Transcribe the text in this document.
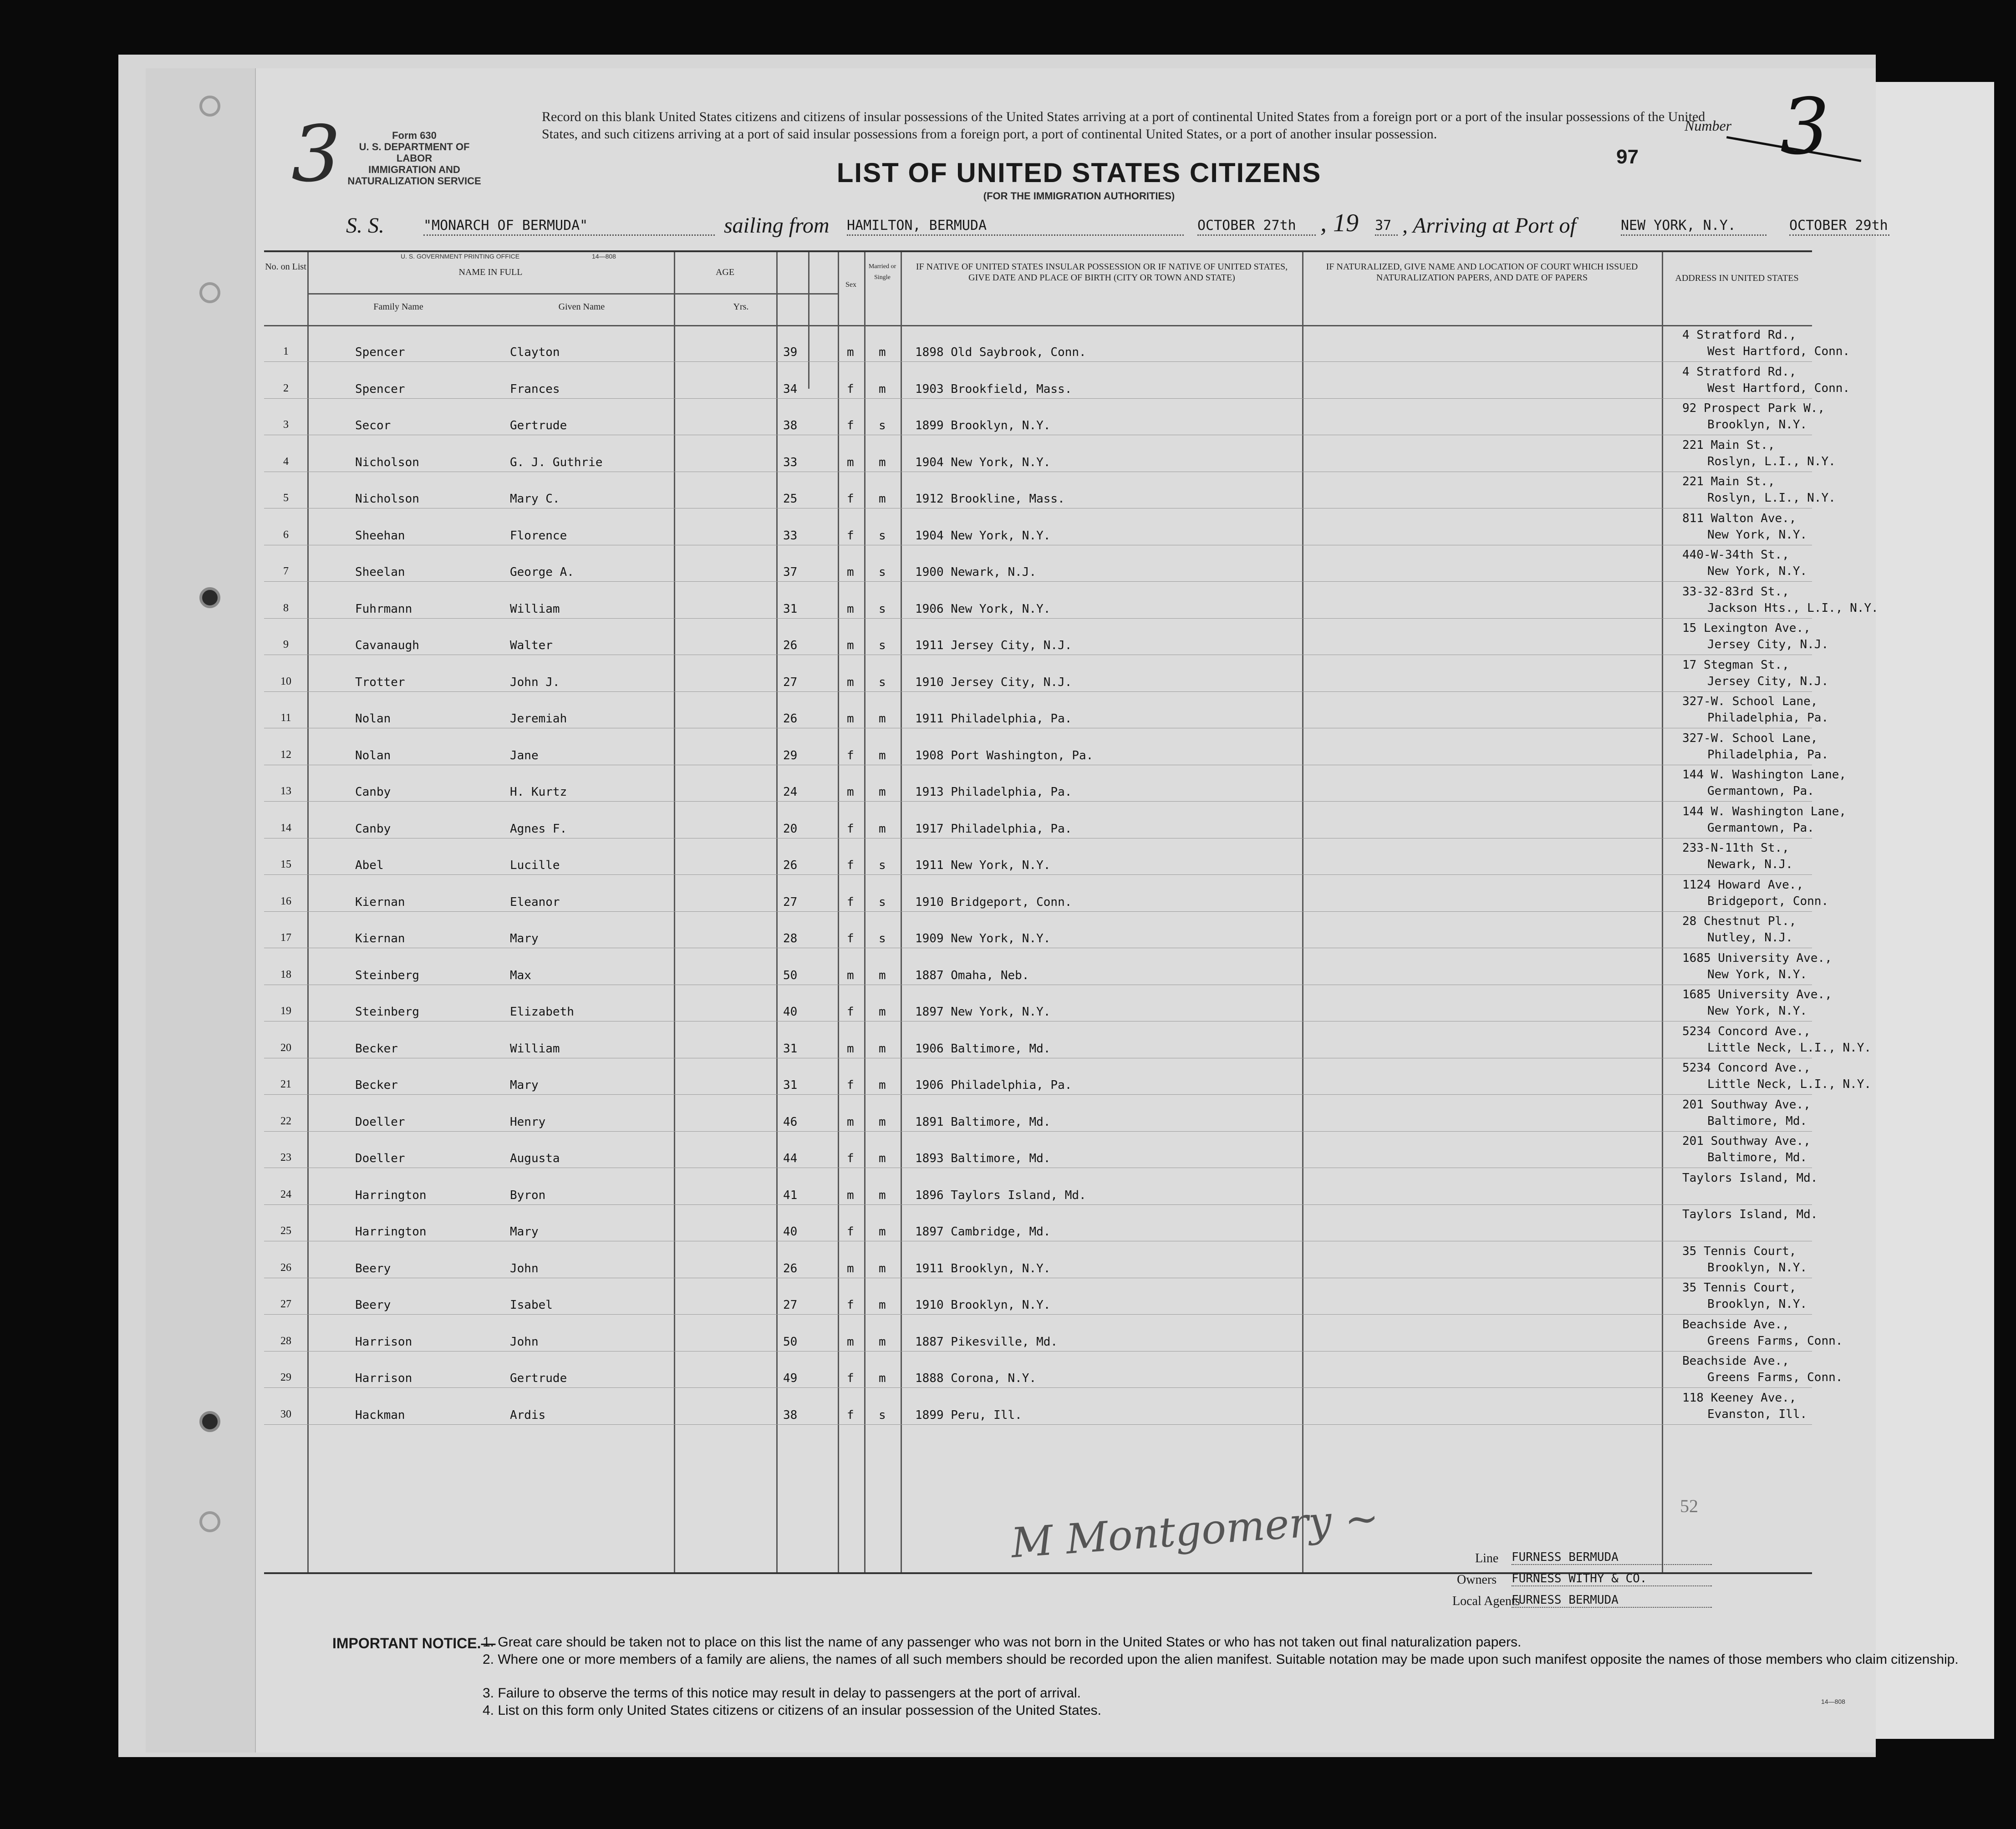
3	Form 630
U. S. DEPARTMENT OF LABOR
IMMIGRATION AND NATURALIZATION SERVICE
Record on this blank United States citizens and citizens of insular possessions of the United States arriving at a port of continental United States from a foreign port or a port of the insular possessions of the United States, and such citizens arriving at a port of said insular possessions from a foreign port, a port of continental United States, or a port of another insular possession.
LIST OF UNITED STATES CITIZENS
(FOR THE IMMIGRATION AUTHORITIES)
97
Number 3
S. S.	"MONARCH OF BERMUDA"	sailing from HAMILTON, BERMUDA	OCTOBER 27th , 19 37 , Arriving at Port of	NEW YORK, N.Y.	OCTOBER 29th
U. S. GOVERNMENT PRINTING OFFICE	14—808
No. on List
NAME IN FULL
Family Name	Given Name
AGE
Yrs.
Sex
Married or Single
IF NATIVE OF UNITED STATES INSULAR POSSESSION OR IF NATIVE OF UNITED STATES, GIVE DATE AND PLACE OF BIRTH (CITY OR TOWN AND STATE)
IF NATURALIZED, GIVE NAME AND LOCATION OF COURT WHICH ISSUED NATURALIZATION PAPERS, AND DATE OF PAPERS	ADDRESS IN UNITED STATES
1	Spencer	Clayton	39	m m 1898 Old Saybrook, Conn.
4 Stratford Rd.,
West Hartford, Conn.
2	Spencer	Frances	34	f m 1903 Brookfield, Mass.
4 Stratford Rd.,
West Hartford, Conn.
3	Secor	Gertrude	38	f s 1899 Brooklyn, N.Y.
92 Prospect Park W.,
Brooklyn, N.Y.
4	Nicholson	G. J. Guthrie	33	m m 1904 New York, N.Y.
221 Main St.,
Roslyn, L.I., N.Y.
5	Nicholson	Mary C.	25	f m 1912 Brookline, Mass.
221 Main St.,
Roslyn, L.I., N.Y.
6	Sheehan	Florence	33	f s 1904 New York, N.Y.
811 Walton Ave.,
New York, N.Y.
7	Sheelan	George A.	37	m s 1900 Newark, N.J.
440-W-34th St.,
New York, N.Y.
8	Fuhrmann	William	31	m s 1906 New York, N.Y.
33-32-83rd St.,
Jackson Hts., L.I., N.Y.
9	Cavanaugh	Walter	26	m s 1911 Jersey City, N.J.
15 Lexington Ave.,
Jersey City, N.J.
10	Trotter	John J.	27	m s 1910 Jersey City, N.J.
17 Stegman St.,
Jersey City, N.J.
11	Nolan	Jeremiah	26	m m 1911 Philadelphia, Pa.
327-W. School Lane,
Philadelphia, Pa.
12	Nolan	Jane	29	f m 1908 Port Washington, Pa.
327-W. School Lane,
Philadelphia, Pa.
13	Canby	H. Kurtz	24	m m 1913 Philadelphia, Pa.
144 W. Washington Lane,
Germantown, Pa.
14	Canby	Agnes F.	20	f m 1917 Philadelphia, Pa.
144 W. Washington Lane,
Germantown, Pa.
15	Abel	Lucille	26	f s 1911 New York, N.Y.
233-N-11th St.,
Newark, N.J.
16	Kiernan	Eleanor	27	f s 1910 Bridgeport, Conn.
1124 Howard Ave.,
Bridgeport, Conn.
17	Kiernan	Mary	28	f s 1909 New York, N.Y.
28 Chestnut Pl.,
Nutley, N.J.
18	Steinberg	Max	50	m m 1887 Omaha, Neb.
1685 University Ave.,
New York, N.Y.
19	Steinberg	Elizabeth	40	f m 1897 New York, N.Y.
1685 University Ave.,
New York, N.Y.
20	Becker	William	31	m m 1906 Baltimore, Md.
5234 Concord Ave.,
Little Neck, L.I., N.Y.
21	Becker	Mary	31	f m 1906 Philadelphia, Pa.
5234 Concord Ave.,
Little Neck, L.I., N.Y.
22	Doeller	Henry	46	m m 1891 Baltimore, Md.
201 Southway Ave.,
Baltimore, Md.
23	Doeller	Augusta	44	f m 1893 Baltimore, Md.
201 Southway Ave.,
Baltimore, Md.
24	Harrington	Byron	41	m m 1896 Taylors Island, Md.
Taylors Island, Md.
25	Harrington	Mary	40	f m 1897 Cambridge, Md.
Taylors Island, Md.
26	Beery	John	26	m m 1911 Brooklyn, N.Y.
35 Tennis Court,
Brooklyn, N.Y.
27	Beery	Isabel	27	f m 1910 Brooklyn, N.Y.
35 Tennis Court,
Brooklyn, N.Y.
28	Harrison	John	50	m m 1887 Pikesville, Md.
Beachside Ave.,
Greens Farms, Conn.
29	Harrison	Gertrude	49	f m 1888 Corona, N.Y.
Beachside Ave.,
Greens Farms, Conn.
30	Hackman	Ardis	38	f s 1899 Peru, Ill.
118 Keeney Ave.,
Evanston, Ill.
M Montgomery ~	52
Line FURNESS BERMUDA
Owners FURNESS WITHY & CO.
Local Agents
FURNESS BERMUDA
IMPORTANT NOTICE.—
1. Great care should be taken not to place on this list the name of any passenger who was not born in the United States or who has not taken out final naturalization papers.
2. Where one or more members of a family are aliens, the names of all such members should be recorded upon the alien manifest. Suitable notation may be made upon such manifest opposite the names of those members who claim citizenship.
3. Failure to observe the terms of this notice may result in delay to passengers at the port of arrival.
4. List on this form only United States citizens or citizens of an insular possession of the United States.
14—808
